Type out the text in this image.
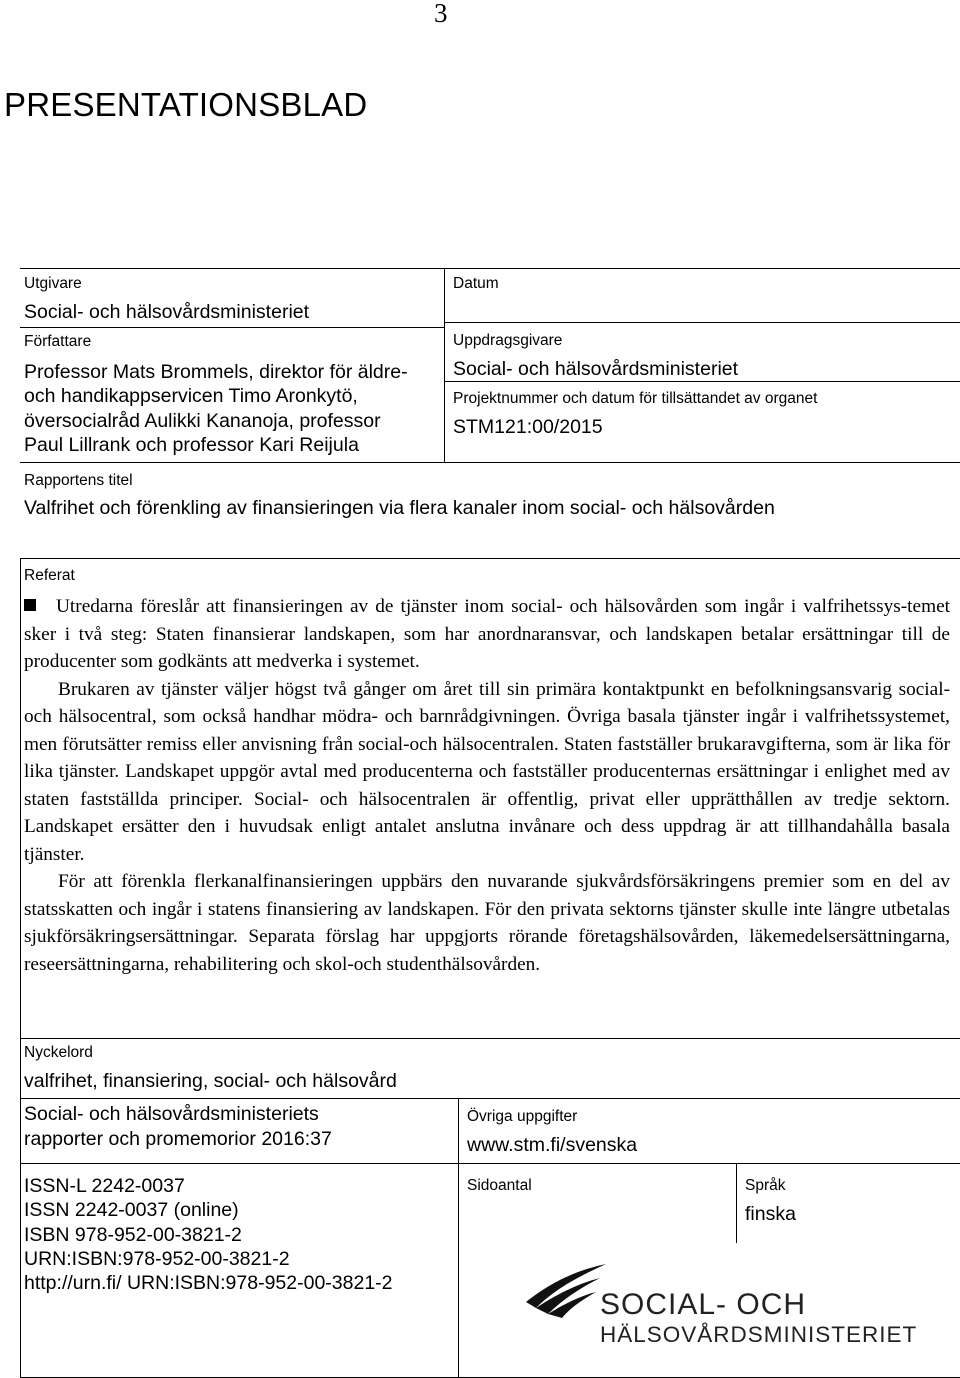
3
PRESENTATIONSBLAD
Utgivare
Social- och hälsovårdsministeriet
Författare
Professor Mats Brommels, direktor för äldre-
och handikappservicen Timo Aronkytö,
översocialråd Aulikki Kananoja, professor
Paul Lillrank och professor Kari Reijula
Datum
Uppdragsgivare
Social- och hälsovårdsministeriet
Projektnummer och datum för tillsättandet av organet
STM121:00/2015
Rapportens titel
Valfrihet och förenkling av finansieringen via flera kanaler inom social- och hälsovården
Referat

Utredarna föreslår att finansieringen av de tjänster inom social- och hälsovården som ingår i valfrihetssys-temet sker i två steg: Staten finansierar landskapen, som har anordnaransvar, och landskapen betalar ersättningar till de producenter som godkänts att medverka i systemet.

Brukaren av tjänster väljer högst två gånger om året till sin primära kontaktpunkt en befolkningsansvarig social- och hälsocentral, som också handhar mödra- och barnrådgivningen. Övriga basala tjänster ingår i valfrihetssystemet, men förutsätter remiss eller anvisning från social-och hälsocentralen. Staten fastställer brukaravgifterna, som är lika för lika tjänster. Landskapet uppgör avtal med producenterna och fastställer producenternas ersättningar i enlighet med av staten fastställda principer. Social- och hälsocentralen är offentlig, privat eller upprätthållen av tredje sektorn. Landskapet ersätter den i huvudsak enligt antalet anslutna invånare och dess uppdrag är att tillhandahålla basala tjänster.

För att förenkla flerkanalfinansieringen uppbärs den nuvarande sjukvårdsförsäkringens premier som en del av statsskatten och ingår i statens finansiering av landskapen. För den privata sektorns tjänster skulle inte längre utbetalas sjukförsäkringsersättningar. Separata förslag har uppgjorts rörande företagshälsovården, läkemedelsersättningarna, reseersättningarna, rehabilitering och skol-och studenthälsovården.

Nyckelord
valfrihet, finansiering, social- och hälsovård
Social- och hälsovårdsministeriets
rapporter och promemorior 2016:37
Övriga uppgifter
www.stm.fi/svenska
ISSN-L 2242-0037
ISSN 2242-0037 (online)
ISBN 978-952-00-3821-2
URN:ISBN:978-952-00-3821-2
http://urn.fi/ URN:ISBN:978-952-00-3821-2
Sidoantal	Språk
finska
SOCIAL- OCH
HÄLSOVÅRDSMINISTERIET
